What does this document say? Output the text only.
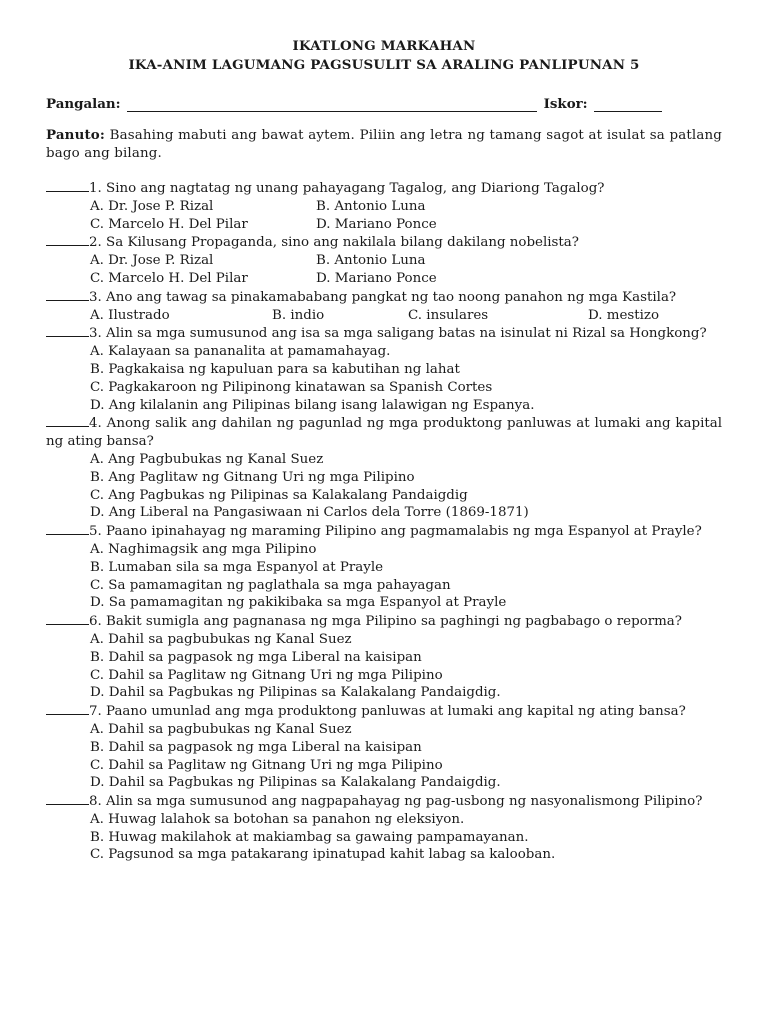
IKATLONG MARKAHAN
IKA-ANIM LAGUMANG PAGSUSULIT SA ARALING PANLIPUNAN 5
Pangalan:	Iskor:
Panuto: Basahing mabuti ang bawat aytem. Piliin ang letra ng tamang sagot at isulat sa patlang bago ang bilang.
1. Sino ang nagtatag ng unang pahayagang Tagalog, ang Diariong Tagalog?
A. Dr. Jose P. Rizal	B. Antonio Luna
C. Marcelo H. Del Pilar	D. Mariano Ponce
2. Sa Kilusang Propaganda, sino ang nakilala bilang dakilang nobelista?
A. Dr. Jose P. Rizal	B. Antonio Luna
C. Marcelo H. Del Pilar	D. Mariano Ponce
3. Ano ang tawag sa pinakamababang pangkat ng tao noong panahon ng mga Kastila?
A. Ilustrado	B. indio	C. insulares	D. mestizo
3. Alin sa mga sumusunod ang isa sa mga saligang batas na isinulat ni Rizal sa Hongkong?
A. Kalayaan sa pananalita at pamamahayag.
B. Pagkakaisa ng kapuluan para sa kabutihan ng lahat
C. Pagkakaroon ng Pilipinong kinatawan sa Spanish Cortes
D. Ang kilalanin ang Pilipinas bilang isang lalawigan ng Espanya.
4. Anong salik ang dahilan ng pagunlad ng mga produktong panluwas at lumaki ang kapital ng ating bansa?
A. Ang Pagbubukas ng Kanal Suez
B. Ang Paglitaw ng Gitnang Uri ng mga Pilipino
C. Ang Pagbukas ng Pilipinas sa Kalakalang Pandaigdig
D. Ang Liberal na Pangasiwaan ni Carlos dela Torre (1869-1871)
5. Paano ipinahayag ng maraming Pilipino ang pagmamalabis ng mga Espanyol at Prayle?
A. Naghimagsik ang mga Pilipino
B. Lumaban sila sa mga Espanyol at Prayle
C. Sa pamamagitan ng paglathala sa mga pahayagan
D. Sa pamamagitan ng pakikibaka sa mga Espanyol at Prayle
6. Bakit sumigla ang pagnanasa ng mga Pilipino sa paghingi ng pagbabago o reporma?
A. Dahil sa pagbubukas ng Kanal Suez
B. Dahil sa pagpasok ng mga Liberal na kaisipan
C. Dahil sa Paglitaw ng Gitnang Uri ng mga Pilipino
D. Dahil sa Pagbukas ng Pilipinas sa Kalakalang Pandaigdig.
7. Paano umunlad ang mga produktong panluwas at lumaki ang kapital ng ating bansa?
A. Dahil sa pagbubukas ng Kanal Suez
B. Dahil sa pagpasok ng mga Liberal na kaisipan
C. Dahil sa Paglitaw ng Gitnang Uri ng mga Pilipino
D. Dahil sa Pagbukas ng Pilipinas sa Kalakalang Pandaigdig.
8. Alin sa mga sumusunod ang nagpapahayag ng pag-usbong ng nasyonalismong Pilipino?
A. Huwag lalahok sa botohan sa panahon ng eleksiyon.
B. Huwag makilahok at makiambag sa gawaing pampamayanan.
C. Pagsunod sa mga patakarang ipinatupad kahit labag sa kalooban.
